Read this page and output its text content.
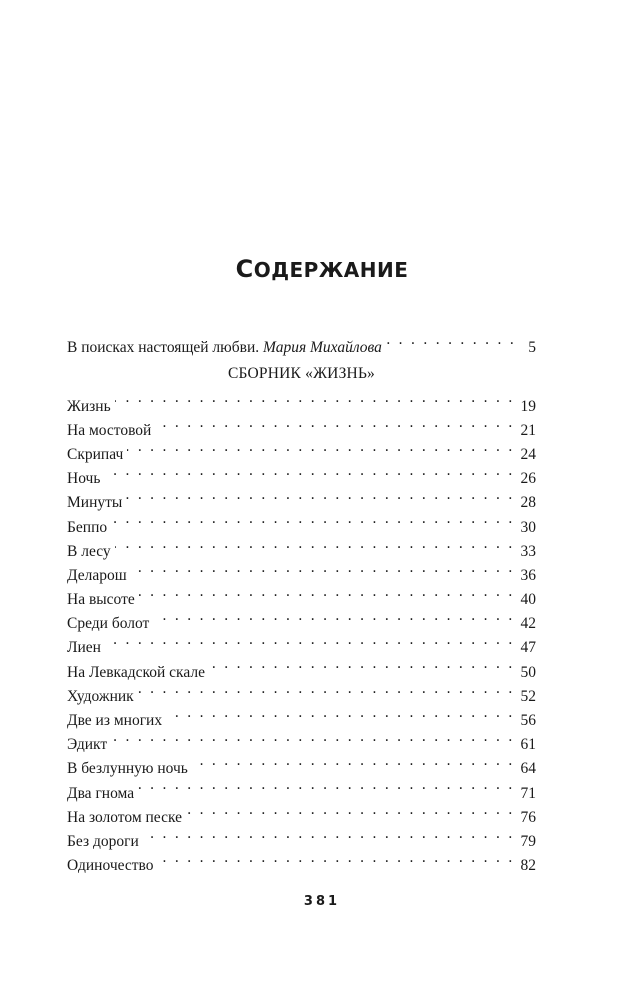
СОДЕРЖАНИЕ
В поисках настоящей любви. Мария Михайлова . . .	5
СБОРНИК «ЖИЗНЬ»
Жизнь . . .	19
На мостовой . . .	21
Скрипач . . .	24
Ночь . . .	26
Минуты . . .	28
Беппо . . .	30
В лесу . . .	33
Деларош . . .	36
На высоте . . .	40
Среди болот . . .	42
Лиен . . .	47
На Левкадской скале . . .	50
Художник . . .	52
Две из многих . . .	56
Эдикт . . .	61
В безлунную ночь . . .	64
Два гнома . . .	71
На золотом песке . . .	76
Без дороги . . .	79
Одиночество . . .	82
381
